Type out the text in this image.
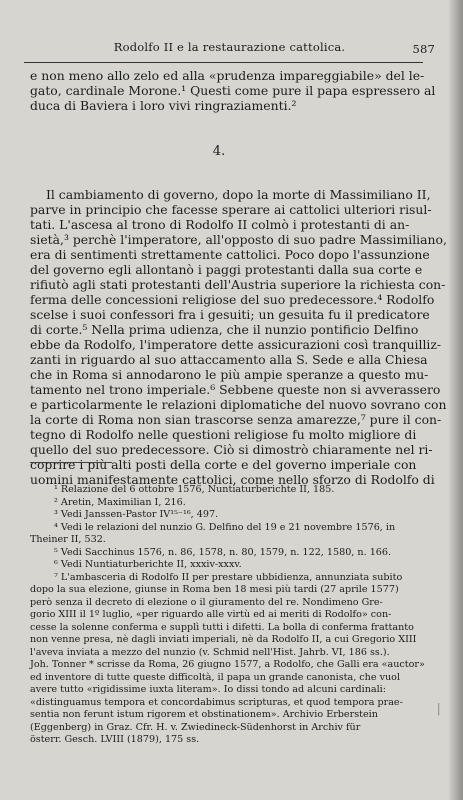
Rodolfo II e la restaurazione cattolica.	587
e non meno allo zelo ed alla «prudenza impareggiabile» del le-
gato, cardinale Morone.¹ Questi come pure il papa espressero al
duca di Baviera i loro vivi ringraziamenti.²
4.
Il cambiamento di governo, dopo la morte di Massimiliano II,
parve in principio che facesse sperare ai cattolici ulteriori risul-
tati. L'ascesa al trono di Rodolfo II colmò i protestanti di an-
sietà,³ perchè l'imperatore, all'opposto di suo padre Massimiliano,
era di sentimenti strettamente cattolici. Poco dopo l'assunzione
del governo egli allontanò i paggi protestanti dalla sua corte e
rifiutò agli stati protestanti dell'Austria superiore la richiesta con-
ferma delle concessioni religiose del suo predecessore.⁴ Rodolfo
scelse i suoi confessori fra i gesuiti; un gesuita fu il predicatore
di corte.⁵ Nella prima udienza, che il nunzio pontificio Delfino
ebbe da Rodolfo, l'imperatore dette assicurazioni così tranquilliz-
zanti in riguardo al suo attaccamento alla S. Sede e alla Chiesa
che in Roma si annodarono le più ampie speranze a questo mu-
tamento nel trono imperiale.⁶ Sebbene queste non si avverassero
e particolarmente le relazioni diplomatiche del nuovo sovrano con
la corte di Roma non sian trascorse senza amarezze,⁷ pure il con-
tegno di Rodolfo nelle questioni religiose fu molto migliore di
quello del suo predecessore. Ciò si dimostrò chiaramente nel ri-
coprire i più alti posti della corte e del governo imperiale con
uomini manifestamente cattolici, come nello sforzo di Rodolfo di
¹ Relazione del 6 ottobre 1576, Nuntiaturberichte II, 185.
² Aretin, Maximilian I, 216.
³ Vedi Janssen-Pastor IV¹⁵⁻¹⁶, 497.
⁴ Vedi le relazioni del nunzio G. Delfino del 19 e 21 novembre 1576, in
Theiner II, 532.
⁵ Vedi Sacchinus 1576, n. 86, 1578, n. 80, 1579, n. 122, 1580, n. 166.
⁶ Vedi Nuntiaturberichte II, xxxiv-xxxv.
⁷ L'ambasceria di Rodolfo II per prestare ubbidienza, annunziata subito
dopo la sua elezione, giunse in Roma ben 18 mesi più tardi (27 aprile 1577)
però senza il decreto di elezione o il giuramento del re. Nondimeno Gre-
gorio XIII il 1º luglio, «per riguardo alle virtù ed ai meriti di Rodolfo» con-
cesse la solenne conferma e supplì tutti i difetti. La bolla di conferma frattanto
non venne presa, nè dagli inviati imperiali, nè da Rodolfo II, a cui Gregorio XIII
l'aveva inviata a mezzo del nunzio (v. Schmid nell'Hist. Jahrb. VI, 186 ss.).
Joh. Tonner * scrisse da Roma, 26 giugno 1577, a Rodolfo, che Galli era «auctor»
ed inventore di tutte queste difficoltà, il papa un grande canonista, che vuol
avere tutto «rigidissime iuxta literam». Io dissi tondo ad alcuni cardinali:
«distinguamus tempora et concordabimus scripturas, et quod tempora prae-
sentia non ferunt istum rigorem et obstinationem». Archivio Erberstein
(Eggenberg) in Graz. Cfr. H. v. Zwiedineck-Südenhorst in Archiv für
österr. Gesch. LVIII (1879), 175 ss.
ᛁ
